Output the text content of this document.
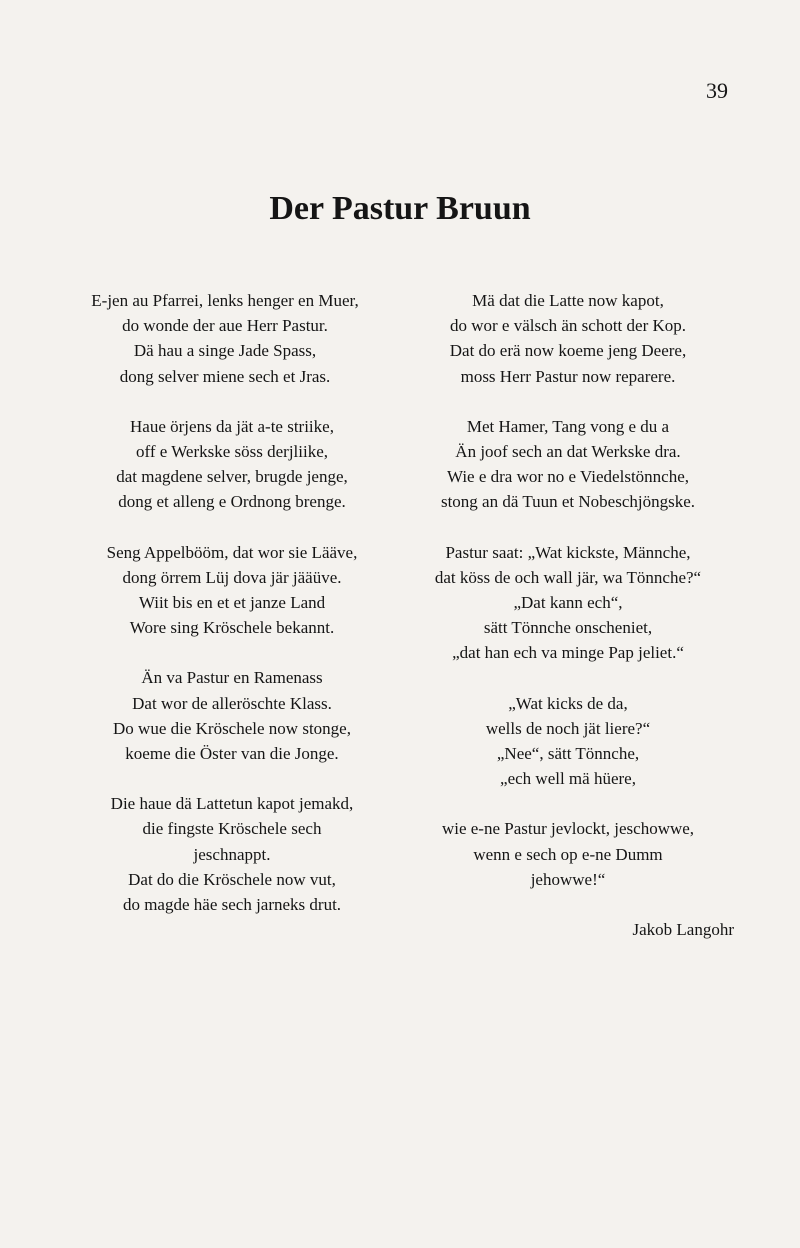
39
Der Pastur Bruun
E-jen au Pfarrei, lenks henger en Muer,
do wonde der aue Herr Pastur.
Dä hau a singe Jade Spass,
dong selver miene sech et Jras.
Haue örjens da jät a-te striike,
off e Werkske söss derjliike,
dat magdene selver, brugde jenge,
dong et alleng e Ordnong brenge.
Seng Appelbööm, dat wor sie Lääve,
dong örrem Lüj dova jär jääüve.
Wiit bis en et et janze Land
Wore sing Kröschele bekannt.
Än va Pastur en Ramenass
Dat wor de alleröschte Klass.
Do wue die Kröschele now stonge,
koeme die Öster van die Jonge.
Die haue dä Lattetun kapot jemakd,
die fingste Kröschele sech
jeschnappt.
Dat do die Kröschele now vut,
do magde häe sech jarneks drut.
Mä dat die Latte now kapot,
do wor e välsch än schott der Kop.
Dat do erä now koeme jeng Deere,
moss Herr Pastur now reparere.
Met Hamer, Tang vong e du a
Än joof sech an dat Werkske dra.
Wie e dra wor no e Viedelstönnche,
stong an dä Tuun et Nobeschjöngske.
Pastur saat: „Wat kickste, Männche,
dat köss de och wall jär, wa Tönnche?“
„Dat kann ech“,
sätt Tönnche onscheniet,
„dat han ech va minge Pap jeliet.“
„Wat kicks de da,
wells de noch jät liere?“
„Nee“, sätt Tönnche,
„ech well mä hüere,
wie e-ne Pastur jevlockt, jeschowwe,
wenn e sech op e-ne Dumm
jehowwe!“

Jakob Langohr
